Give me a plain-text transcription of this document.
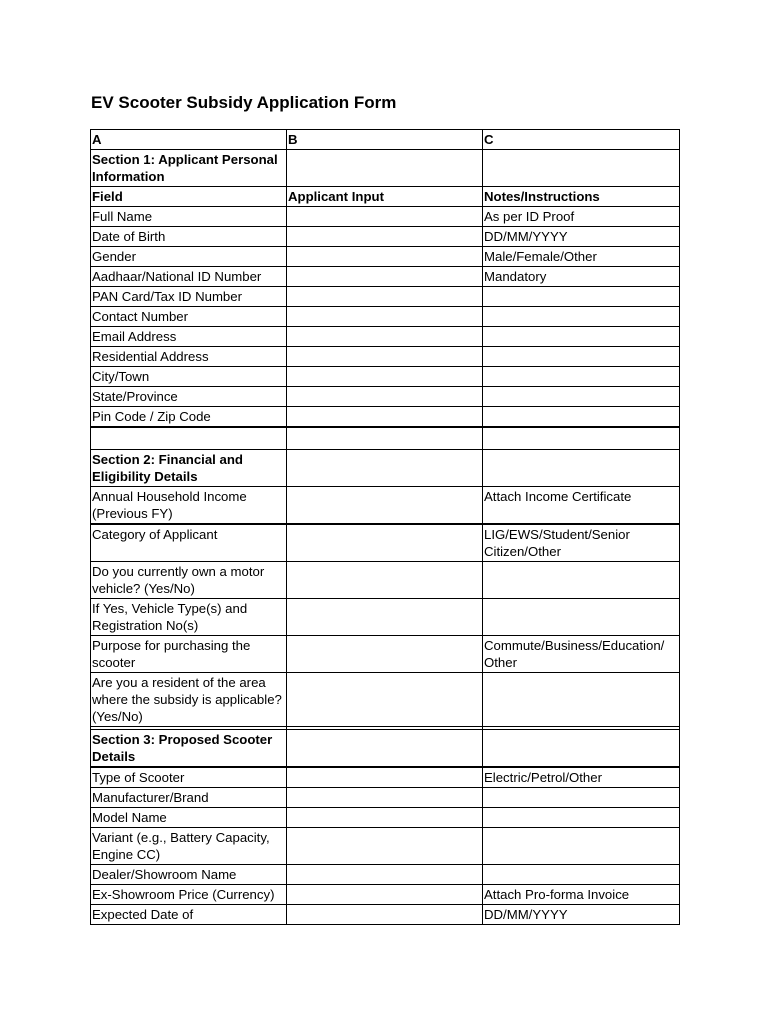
EV Scooter Subsidy Application Form
A	B	C
Section 1: Applicant Personal Information		
Field	Applicant Input	Notes/Instructions
Full Name		As per ID Proof
Date of Birth		DD/MM/YYYY
Gender		Male/Female/Other
Aadhaar/National ID Number		Mandatory
PAN Card/Tax ID Number		
Contact Number		
Email Address		
Residential Address		
City/Town		
State/Province		
Pin Code / Zip Code		

Section 2: Financial and Eligibility Details		
Annual Household Income (Previous FY)		Attach Income Certificate
Category of Applicant		LIG/EWS/Student/Senior Citizen/Other
Do you currently own a motor vehicle? (Yes/No)		
If Yes, Vehicle Type(s) and Registration No(s)		
Purpose for purchasing the scooter		Commute/Business/Education/ Other
Are you a resident of the area where the subsidy is applicable? (Yes/No)		

Section 3: Proposed Scooter Details		
Type of Scooter		Electric/Petrol/Other
Manufacturer/Brand		
Model Name		
Variant (e.g., Battery Capacity, Engine CC)		
Dealer/Showroom Name		
Ex-Showroom Price (Currency)		Attach Pro-forma Invoice
Expected Date of		DD/MM/YYYY
